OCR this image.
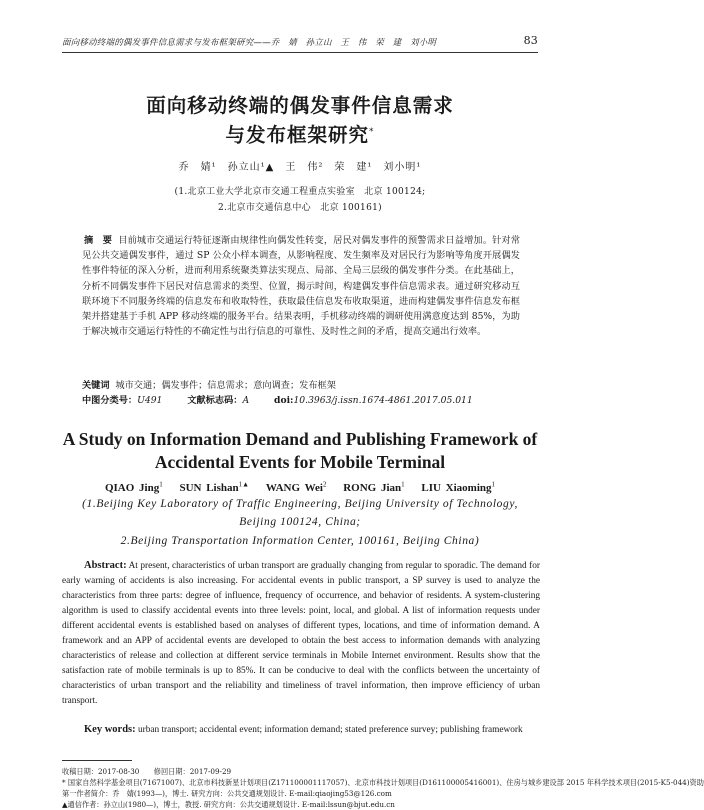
面向移动终端的偶发事件信息需求与发布框架研究——乔　婧　孙立山　王　伟　荣　建　刘小明	83
面向移动终端的偶发事件信息需求
与发布框架研究*
乔　婧¹　孙立山¹▲　王　伟²　荣　建¹　刘小明¹
(1.北京工业大学北京市交通工程重点实验室　北京 100124;
2.北京市交通信息中心　北京 100161)
摘　要 目前城市交通运行特征逐渐由规律性向偶发性转变，居民对偶发事件的预警需求日益增加。针对常见公共交通偶发事件，通过 SP 公众小样本调查，从影响程度、发生频率及对居民行为影响等角度开展偶发性事件特征的深入分析，进而利用系统聚类算法实现点、局部、全局三层级的偶发事件分类。在此基础上，分析不同偶发事件下居民对信息需求的类型、位置，揭示时间，构建偶发事件信息需求表。通过研究移动互联环境下不同服务终端的信息发布和收取特性，获取最佳信息发布收取渠道，进而构建偶发事件信息发布框架并搭建基于手机 APP 移动终端的服务平台。结果表明，手机移动终端的调研使用满意度达到 85%，为助于解决城市交通运行特性的不确定性与出行信息的可靠性、及时性之间的矛盾，提高交通出行效率。
关键词 城市交通；偶发事件；信息需求；意向调查；发布框架
中图分类号：U491	文献标志码：A	doi:10.3963/j.issn.1674-4861.2017.05.011
A Study on Information Demand and Publishing Framework of
Accidental Events for Mobile Terminal
QIAO Jing$^1$ SUN Lishan$^{1▲}$ WANG Wei$^2$ RONG Jian$^1$ LIU Xiaoming$^1$
(1.Beijing Key Laboratory of Traffic Engineering, Beijing University of Technology,
Beijing 100124, China;
2.Beijing Transportation Information Center, 100161, Beijing China)
Abstract: At present, characteristics of urban transport are gradually changing from regular to sporadic. The demand for early warning of accidents is also increasing. For accidental events in public transport, a SP survey is used to analyze the characteristics from three parts: degree of influence, frequency of occurrence, and behavior of residents. A system-clustering algorithm is used to classify accidental events into three levels: point, local, and global. A list of information requests under different accidental events is established based on analyses of different types, locations, and time of information demand. A framework and an APP of accidental events are developed to obtain the best access to information demands with analyzing characteristics of release and collection at different service terminals in Mobile Internet environment. Results show that the satisfaction rate of mobile terminals is up to 85%. It can be conducive to deal with the conflicts between the uncertainty of characteristics of urban transport and the reliability and timeliness of travel information, then improve efficiency of urban transport.
Key words: urban transport; accidental event; information demand; stated preference survey; publishing framework
收稿日期：2017-08-30　　修回日期：2017-09-29
* 国家自然科学基金项目(71671007)、北京市科技新星计划项目(Z171100001117057)、北京市科技计划项目(D161100005416001)、住房与城乡建设部 2015 年科学技术项目(2015-K5-044)资助
第一作者简介：乔　婧(1993—)，博士. 研究方向：公共交通规划设计. E-mail:qiaojing53@126.com
▲通信作者：孙立山(1980—)，博士，教授. 研究方向：公共交通规划设计. E-mail:lssun@bjut.edu.cn
